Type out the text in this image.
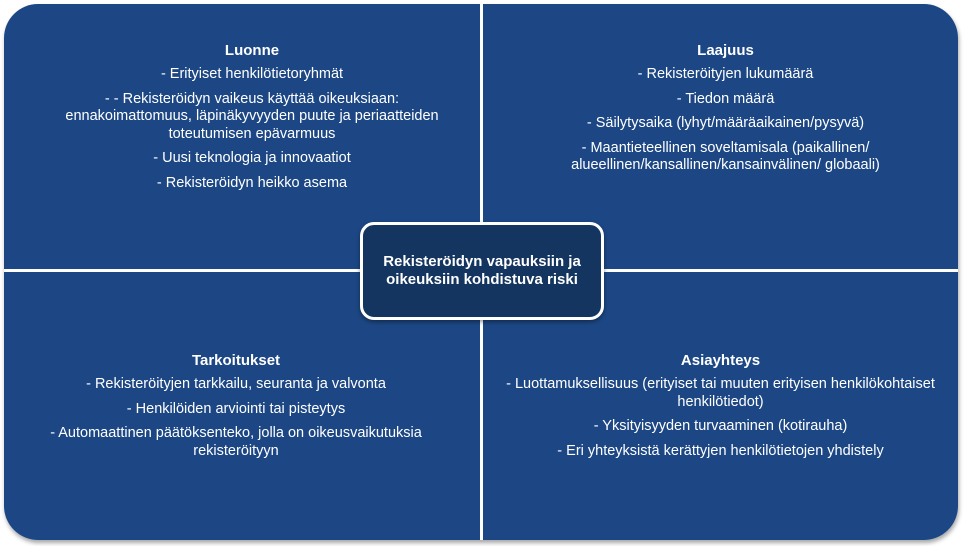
Luonne
- Erityiset henkilötietoryhmät
- - Rekisteröidyn vaikeus käyttää oikeuksiaan: ennakoimattomuus, läpinäkyvyyden puute ja periaatteiden toteutumisen epävarmuus
- Uusi teknologia ja innovaatiot
- Rekisteröidyn heikko asema
Laajuus
- Rekisteröityjen lukumäärä
- Tiedon määrä
- Säilytysaika (lyhyt/määräaikainen/pysyvä)
- Maantieteellinen soveltamisala (paikallinen/ alueellinen/kansallinen/kansainvälinen/ globaali)
Tarkoitukset
- Rekisteröityjen tarkkailu, seuranta ja valvonta
- Henkilöiden arviointi tai pisteytys
- Automaattinen päätöksenteko, jolla on oikeusvaikutuksia rekisteröityyn
Asiayhteys
- Luottamuksellisuus (erityiset tai muuten erityisen henkilökohtaiset henkilötiedot)
- Yksityisyyden turvaaminen (kotirauha)
- Eri yhteyksistä kerättyjen henkilötietojen yhdistely
Rekisteröidyn vapauksiin ja oikeuksiin kohdistuva riski
